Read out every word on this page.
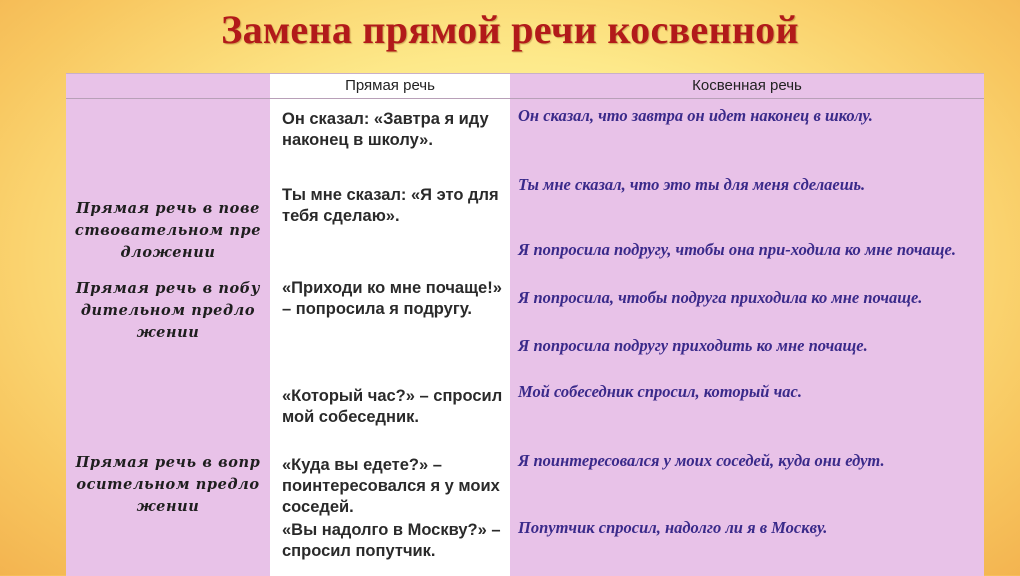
Замена прямой речи косвенной
Прямая речь в повествовательном предложении
Прямая речь в побудительном предложении
Прямая речь в вопросительном предложении
Прямая речь
Он сказал: «Завтра я иду наконец в школу».
Ты мне сказал: «Я это для тебя сделаю».
«Приходи ко мне почаще!» – попросила я подругу.
«Который час?» – спросил мой собеседник.
«Куда вы едете?» – поинтересовался я у моих соседей.
«Вы надолго в Москву?» – спросил попутчик.
Косвенная речь
Он сказал, что завтра он идет наконец в школу.
Ты мне сказал, что это ты для меня сделаешь.
Я попросила подругу, чтобы она при-ходила ко мне почаще.
Я попросила, чтобы подруга приходила ко мне почаще.
Я попросила подругу приходить ко мне почаще.
Мой собеседник спросил, который час.
Я поинтересовался у моих соседей, куда они едут.
Попутчик спросил, надолго ли я в Москву.
